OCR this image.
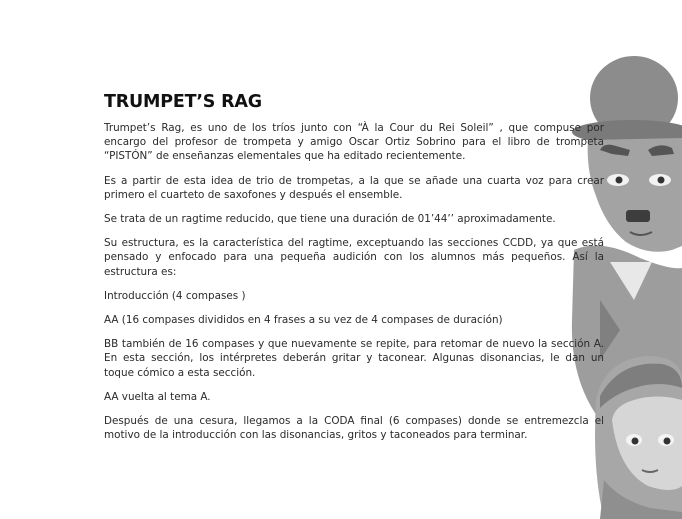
TRUMPET’S RAG

Trumpet’s Rag, es uno de los tríos junto con “À la Cour du Rei Soleil” , que compuse por encargo del profesor de trompeta y amigo Oscar Ortiz Sobrino para el libro de trompeta “PISTÓN” de enseñanzas elementales que ha editado recientemente.

Es a partir de esta idea de trio de trompetas, a la que se añade una cuarta voz para crear primero el cuarteto de saxofones y después el ensemble.

Se trata de un ragtime reducido, que tiene una duración de 01’44’’ aproximadamente.

Su estructura, es la característica del ragtime, exceptuando las secciones CCDD, ya que está pensado y enfocado para una pequeña audición con los alumnos más pequeños. Así la estructura es:

Introducción (4 compases )

AA (16 compases divididos en 4 frases a su vez de 4 compases de duración)

BB también de 16 compases y que nuevamente se repite, para retomar de nuevo la sección A. En esta sección, los intérpretes deberán gritar y taconear. Algunas disonancias, le dan un toque cómico a esta sección.

AA vuelta al tema A.

Después de una cesura, llegamos a la CODA final (6 compases) donde se entremezcla el motivo de la introducción con las disonancias, gritos y taconeados para terminar.
